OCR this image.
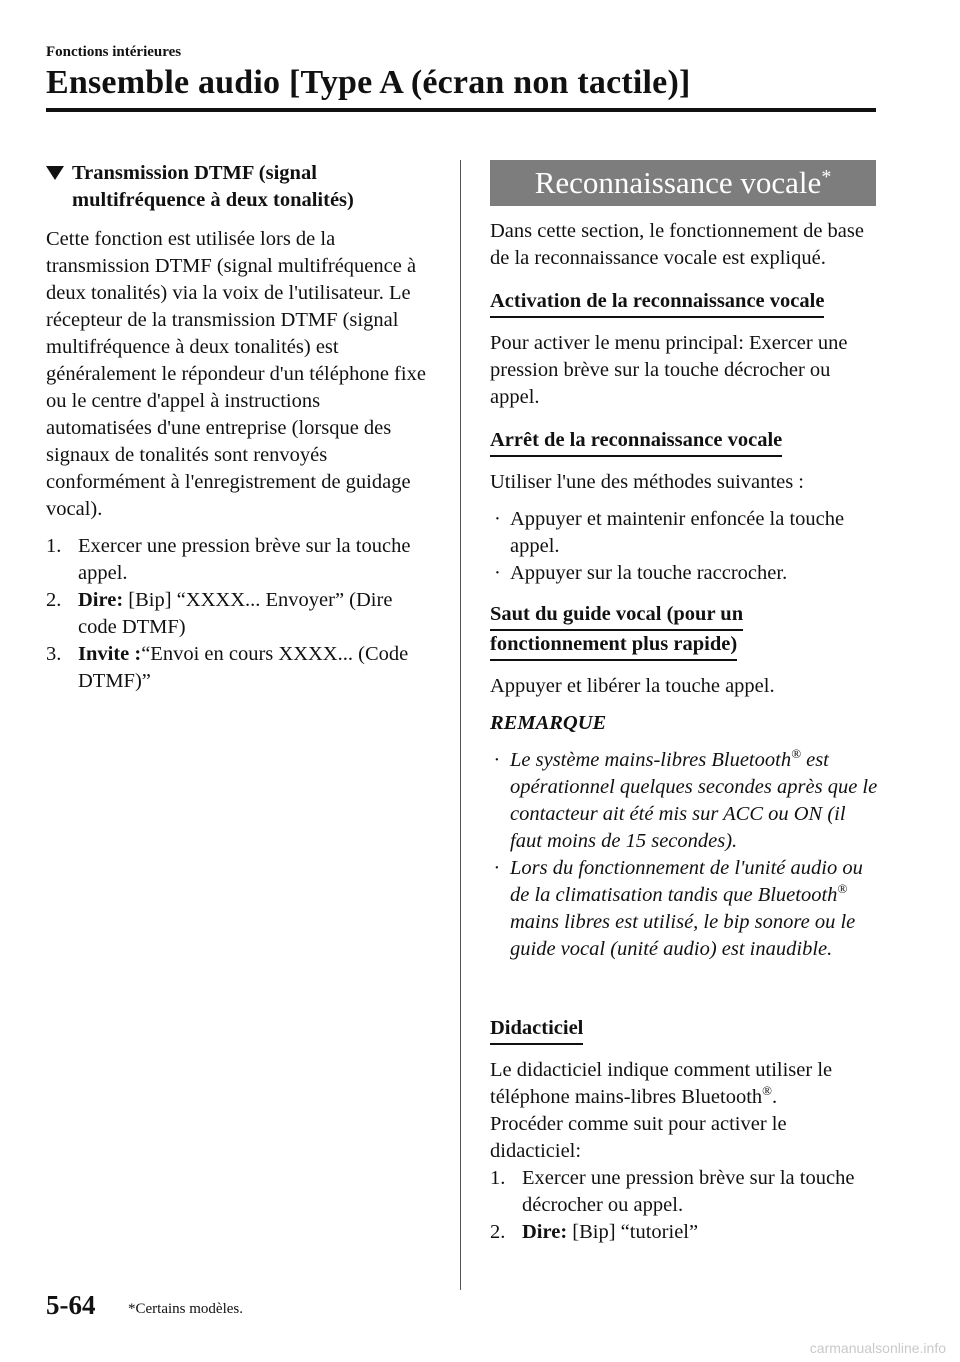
Fonctions intérieures
Ensemble audio [Type A (écran non tactile)]
Transmission DTMF (signal multifréquence à deux tonalités)

Cette fonction est utilisée lors de la transmission DTMF (signal multifréquence à deux tonalités) via la voix de l'utilisateur. Le récepteur de la transmission DTMF (signal multifréquence à deux tonalités) est généralement le répondeur d'un téléphone fixe ou le centre d'appel à instructions automatisées d'une entreprise (lorsque des signaux de tonalités sont renvoyés conformément à l'enregistrement de guidage vocal).

1. Exercer une pression brève sur la touche appel.
2. Dire: [Bip] “XXXX... Envoyer” (Dire code DTMF)
3. Invite :“Envoi en cours XXXX... (Code DTMF)”
Reconnaissance vocale*

Dans cette section, le fonctionnement de base de la reconnaissance vocale est expliqué.

Activation de la reconnaissance vocale

Pour activer le menu principal: Exercer une pression brève sur la touche décrocher ou appel.

Arrêt de la reconnaissance vocale

Utiliser l'une des méthodes suivantes :

· Appuyer et maintenir enfoncée la touche appel.
· Appuyer sur la touche raccrocher.
Saut du guide vocal (pour un
fonctionnement plus rapide)

Appuyer et libérer la touche appel.

REMARQUE
· Le système mains-libres Bluetooth® est opérationnel quelques secondes après que le contacteur ait été mis sur ACC ou ON (il faut moins de 15 secondes).
· Lors du fonctionnement de l'unité audio ou de la climatisation tandis que Bluetooth® mains libres est utilisé, le bip sonore ou le guide vocal (unité audio) est inaudible.
Didacticiel

Le didacticiel indique comment utiliser le téléphone mains-libres Bluetooth®.

Procéder comme suit pour activer le didacticiel:

1. Exercer une pression brève sur la touche décrocher ou appel.
2. Dire: [Bip] “tutoriel”
5-64 *Certains modèles.
carmanualsonline.info
